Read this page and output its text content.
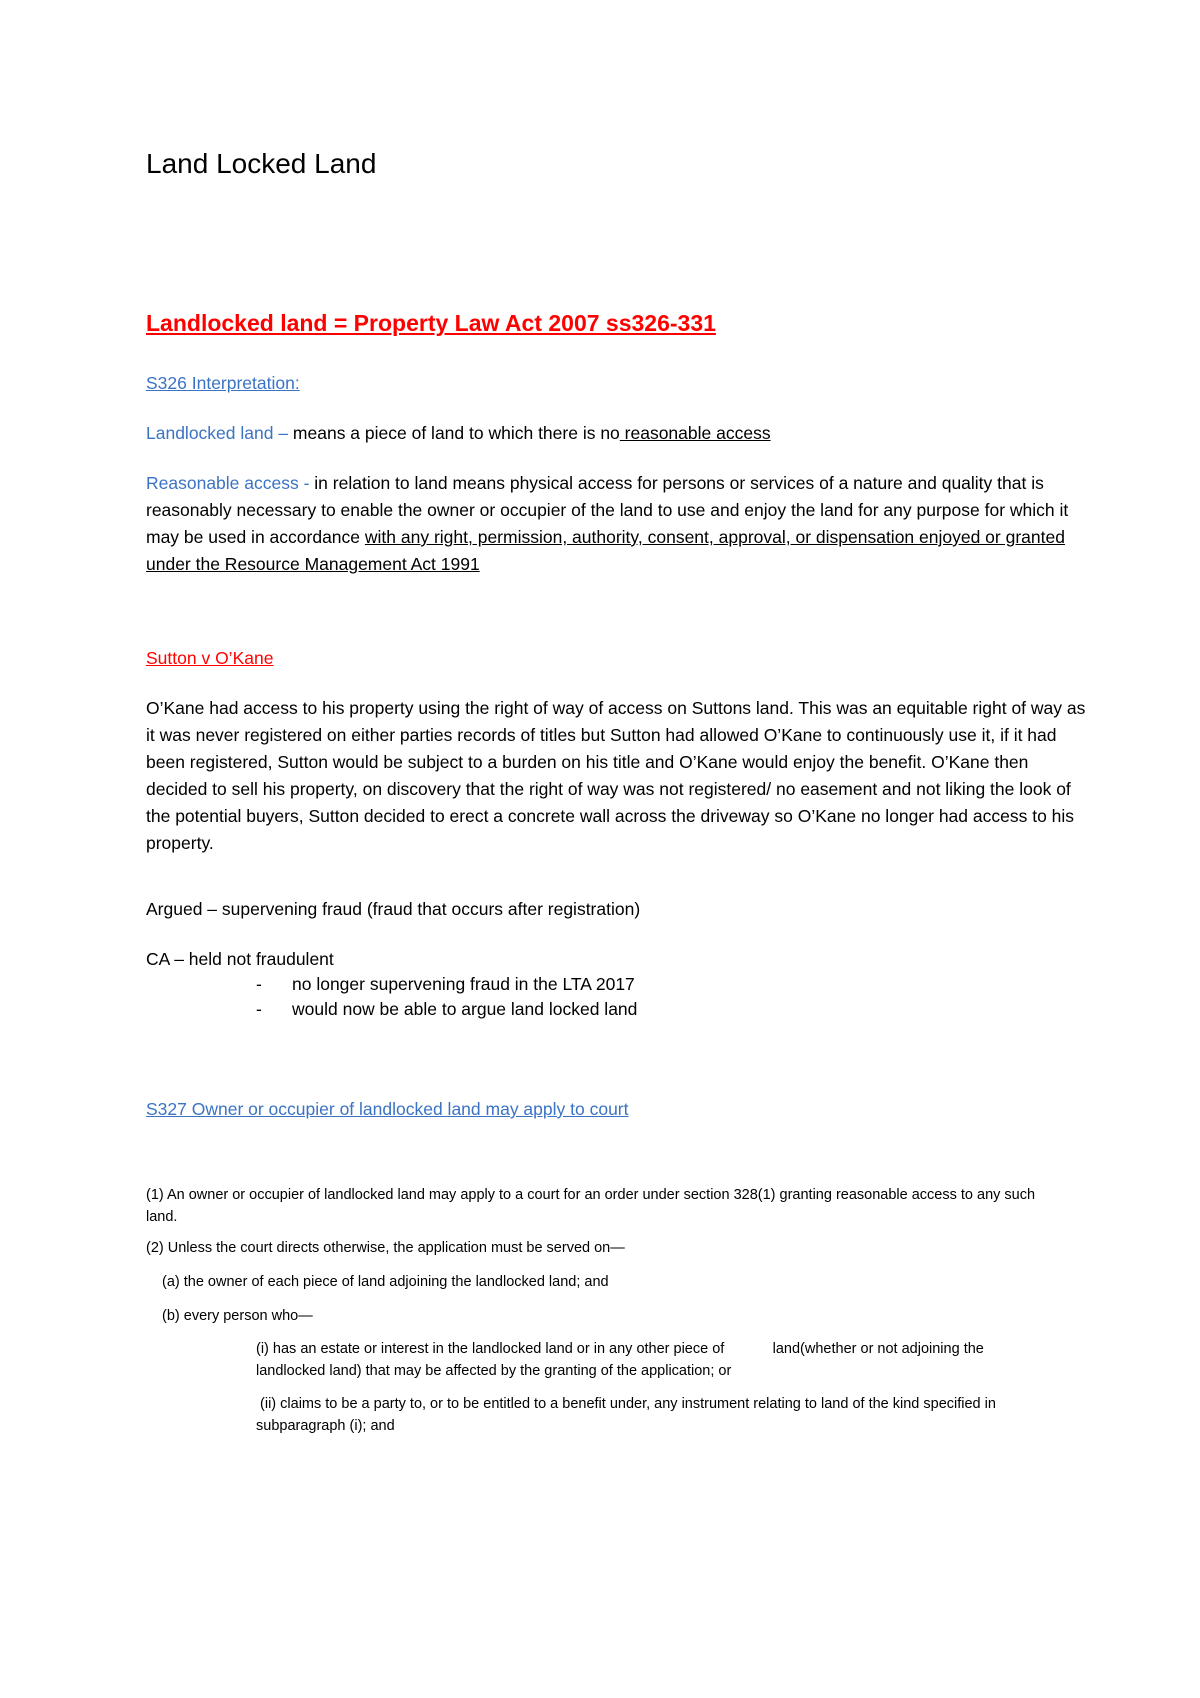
Land Locked Land
Landlocked land = Property Law Act 2007 ss326-331
S326 Interpretation:
Landlocked land – means a piece of land to which there is no reasonable access
Reasonable access - in relation to land means physical access for persons or services of a nature and quality that is reasonably necessary to enable the owner or occupier of the land to use and enjoy the land for any purpose for which it may be used in accordance with any right, permission, authority, consent, approval, or dispensation enjoyed or granted under the Resource Management Act 1991
Sutton v O’Kane
O’Kane had access to his property using the right of way of access on Suttons land. This was an equitable right of way as it was never registered on either parties records of titles but Sutton had allowed O’Kane to continuously use it, if it had been registered, Sutton would be subject to a burden on his title and O’Kane would enjoy the benefit. O’Kane then decided to sell his property, on discovery that the right of way was not registered/ no easement and not liking the look of the potential buyers, Sutton decided to erect a concrete wall across the driveway so O’Kane no longer had access to his property.
Argued – supervening fraud (fraud that occurs after registration)
CA – held not fraudulent
- no longer supervening fraud in the LTA 2017
- would now be able to argue land locked land
S327 Owner or occupier of landlocked land may apply to court
(1) An owner or occupier of landlocked land may apply to a court for an order under section 328(1) granting reasonable access to any such land.
(2) Unless the court directs otherwise, the application must be served on—
(a) the owner of each piece of land adjoining the landlocked land; and
(b) every person who—
(i) has an estate or interest in the landlocked land or in any other piece of            land(whether or not adjoining the landlocked land) that may be affected by the granting of the application; or
(ii) claims to be a party to, or to be entitled to a benefit under, any instrument relating to land of the kind specified in subparagraph (i); and
